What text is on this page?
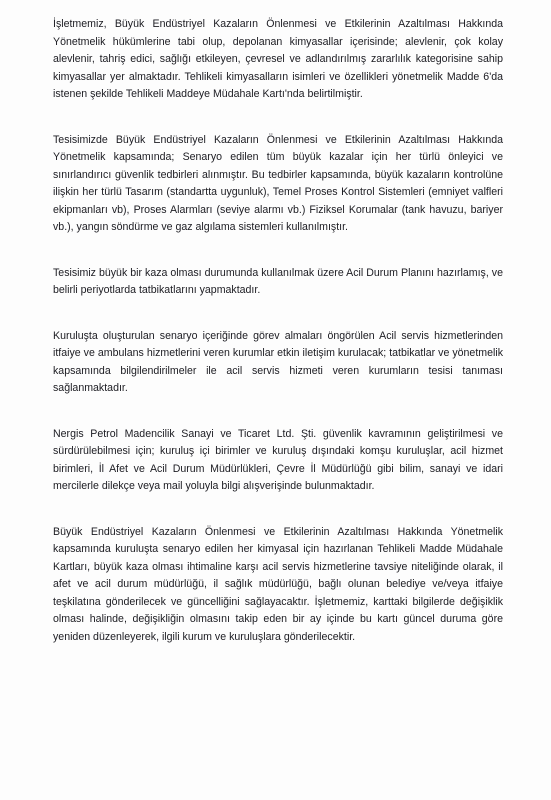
İşletmemiz, Büyük Endüstriyel Kazaların Önlenmesi ve Etkilerinin Azaltılması Hakkında Yönetmelik hükümlerine tabi olup, depolanan kimyasallar içerisinde; alevlenir, çok kolay alevlenir, tahriş edici, sağlığı etkileyen, çevresel ve adlandırılmış zararlılık kategorisine sahip kimyasallar yer almaktadır. Tehlikeli kimyasalların isimleri ve özellikleri yönetmelik Madde 6'da istenen şekilde Tehlikeli Maddeye Müdahale Kartı'nda belirtilmiştir.

Tesisimizde Büyük Endüstriyel Kazaların Önlenmesi ve Etkilerinin Azaltılması Hakkında Yönetmelik kapsamında; Senaryo edilen tüm büyük kazalar için her türlü önleyici ve sınırlandırıcı güvenlik tedbirleri alınmıştır. Bu tedbirler kapsamında, büyük kazaların kontrolüne ilişkin her türlü Tasarım (standartta uygunluk), Temel Proses Kontrol Sistemleri (emniyet valfleri ekipmanları vb), Proses Alarmları (seviye alarmı vb.) Fiziksel Korumalar (tank havuzu, bariyer vb.), yangın söndürme ve gaz algılama sistemleri kullanılmıştır.

Tesisimiz büyük bir kaza olması durumunda kullanılmak üzere Acil Durum Planını hazırlamış, ve belirli periyotlarda tatbikatlarını yapmaktadır.

Kuruluşta oluşturulan senaryo içeriğinde görev almaları öngörülen Acil servis hizmetlerinden itfaiye ve ambulans hizmetlerini veren kurumlar etkin iletişim kurulacak; tatbikatlar ve yönetmelik kapsamında bilgilendirilmeler ile acil servis hizmeti veren kurumların tesisi tanıması sağlanmaktadır.

Nergis Petrol Madencilik Sanayi ve Ticaret Ltd. Şti. güvenlik kavramının geliştirilmesi ve sürdürülebilmesi için; kuruluş içi birimler ve kuruluş dışındaki komşu kuruluşlar, acil hizmet birimleri, İl Afet ve Acil Durum Müdürlükleri, Çevre İl Müdürlüğü gibi bilim, sanayi ve idari mercilerle dilekçe veya mail yoluyla bilgi alışverişinde bulunmaktadır.

Büyük Endüstriyel Kazaların Önlenmesi ve Etkilerinin Azaltılması Hakkında Yönetmelik kapsamında kuruluşta senaryo edilen her kimyasal için hazırlanan Tehlikeli Madde Müdahale Kartları, büyük kaza olması ihtimaline karşı acil servis hizmetlerine tavsiye niteliğinde olarak, il afet ve acil durum müdürlüğü, il sağlık müdürlüğü, bağlı olunan belediye ve/veya itfaiye teşkilatına gönderilecek ve güncelliğini sağlayacaktır. İşletmemiz, karttaki bilgilerde değişiklik olması halinde, değişikliğin olmasını takip eden bir ay içinde bu kartı güncel duruma göre yeniden düzenleyerek, ilgili kurum ve kuruluşlara gönderilecektir.
